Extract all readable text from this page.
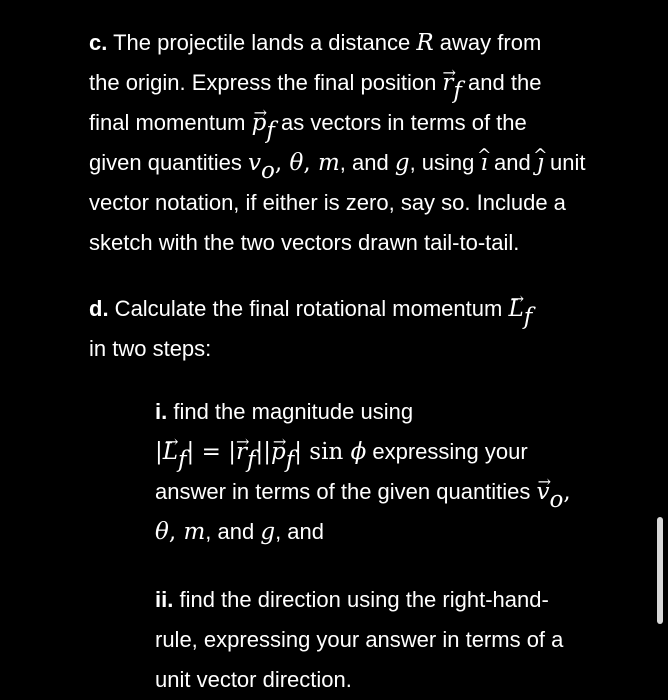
c. The projectile lands a distance R away from
the origin. Express the final position $r \to_f$ and the
final momentum $p \to_f$ as vectors in terms of the
given quantities $v_o$, θ, m, and g, using ı ^ and ȷ ^ unit
vector notation, if either is zero, say so. Include a
sketch with the two vectors drawn tail-to-tail.
d. Calculate the final rotational momentum $L \to_f$
in two steps:
i. find the magnitude using
$|L \to_f| = |r \to_f||p \to_f|$ sin ϕ expressing your
answer in terms of the given quantities $v \to_o$,
θ, m, and g, and
ii. find the direction using the right-hand-
rule, expressing your answer in terms of a
unit vector direction.
